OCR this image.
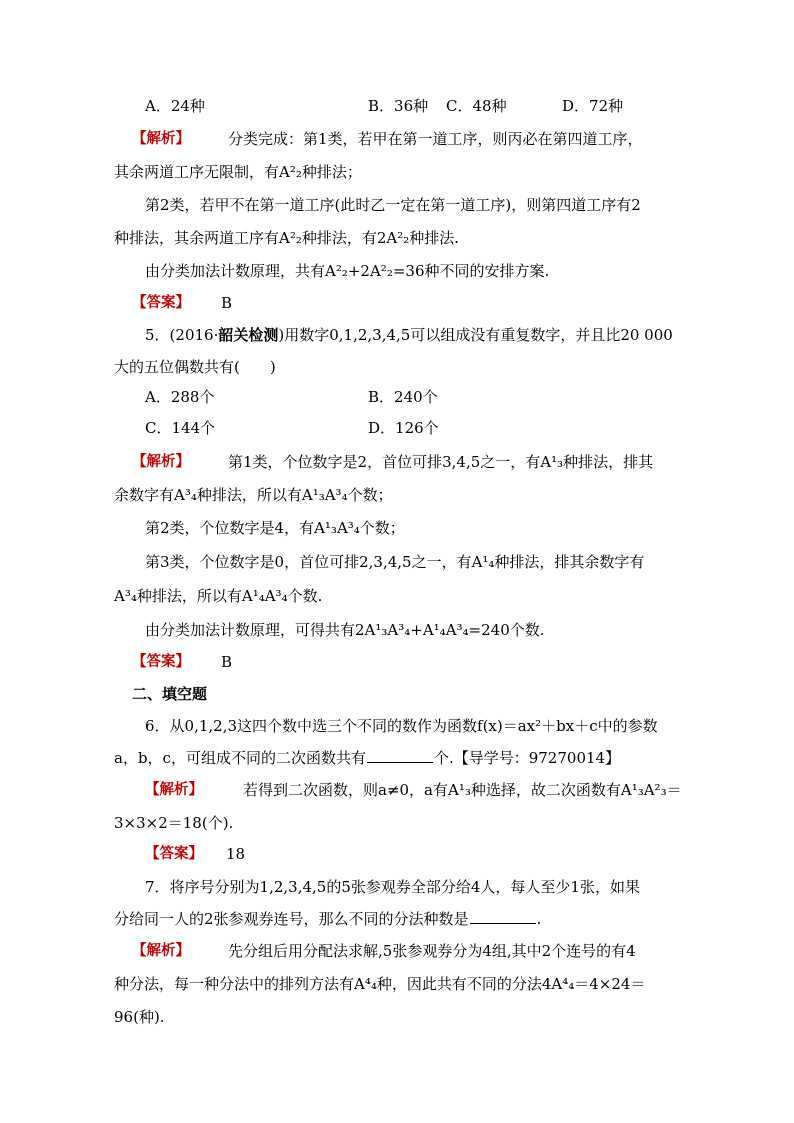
A．24种	B．36种 C．48种	D．72种
【解析】	分类完成：第1类，若甲在第一道工序，则丙必在第四道工序，
其余两道工序无限制，有A²₂种排法；
第2类，若甲不在第一道工序(此时乙一定在第一道工序)，则第四道工序有2
种排法，其余两道工序有A²₂种排法，有2A²₂种排法.
由分类加法计数原理，共有A²₂+2A²₂=36种不同的安排方案.
【答案】 B
5．(2016·韶关检测)用数字0,1,2,3,4,5可以组成没有重复数字，并且比20 000
大的五位偶数共有(　　)
A．288个	B．240个
C．144个	D．126个
【解析】	第1类，个位数字是2，首位可排3,4,5之一，有A¹₃种排法，排其
余数字有A³₄种排法，所以有A¹₃A³₄个数；
第2类，个位数字是4，有A¹₃A³₄个数；
第3类，个位数字是0，首位可排2,3,4,5之一，有A¹₄种排法，排其余数字有
A³₄种排法，所以有A¹₄A³₄个数.
由分类加法计数原理，可得共有2A¹₃A³₄+A¹₄A³₄=240个数.
【答案】 B
二、填空题
6．从0,1,2,3这四个数中选三个不同的数作为函数f(x)＝ax²＋bx＋c中的参数
a，b，c，可组成不同的二次函数共有	个.【导学号：97270014】
【解析】	若得到二次函数，则a≠0，a有A¹₃种选择，故二次函数有A¹₃A²₃＝
3×3×2＝18(个).
【答案】 18
7．将序号分别为1,2,3,4,5的5张参观券全部分给4人，每人至少1张，如果
分给同一人的2张参观券连号，那么不同的分法种数是	.
【解析】	先分组后用分配法求解,5张参观券分为4组,其中2个连号的有4
种分法，每一种分法中的排列方法有A⁴₄种，因此共有不同的分法4A⁴₄＝4×24＝
96(种).
